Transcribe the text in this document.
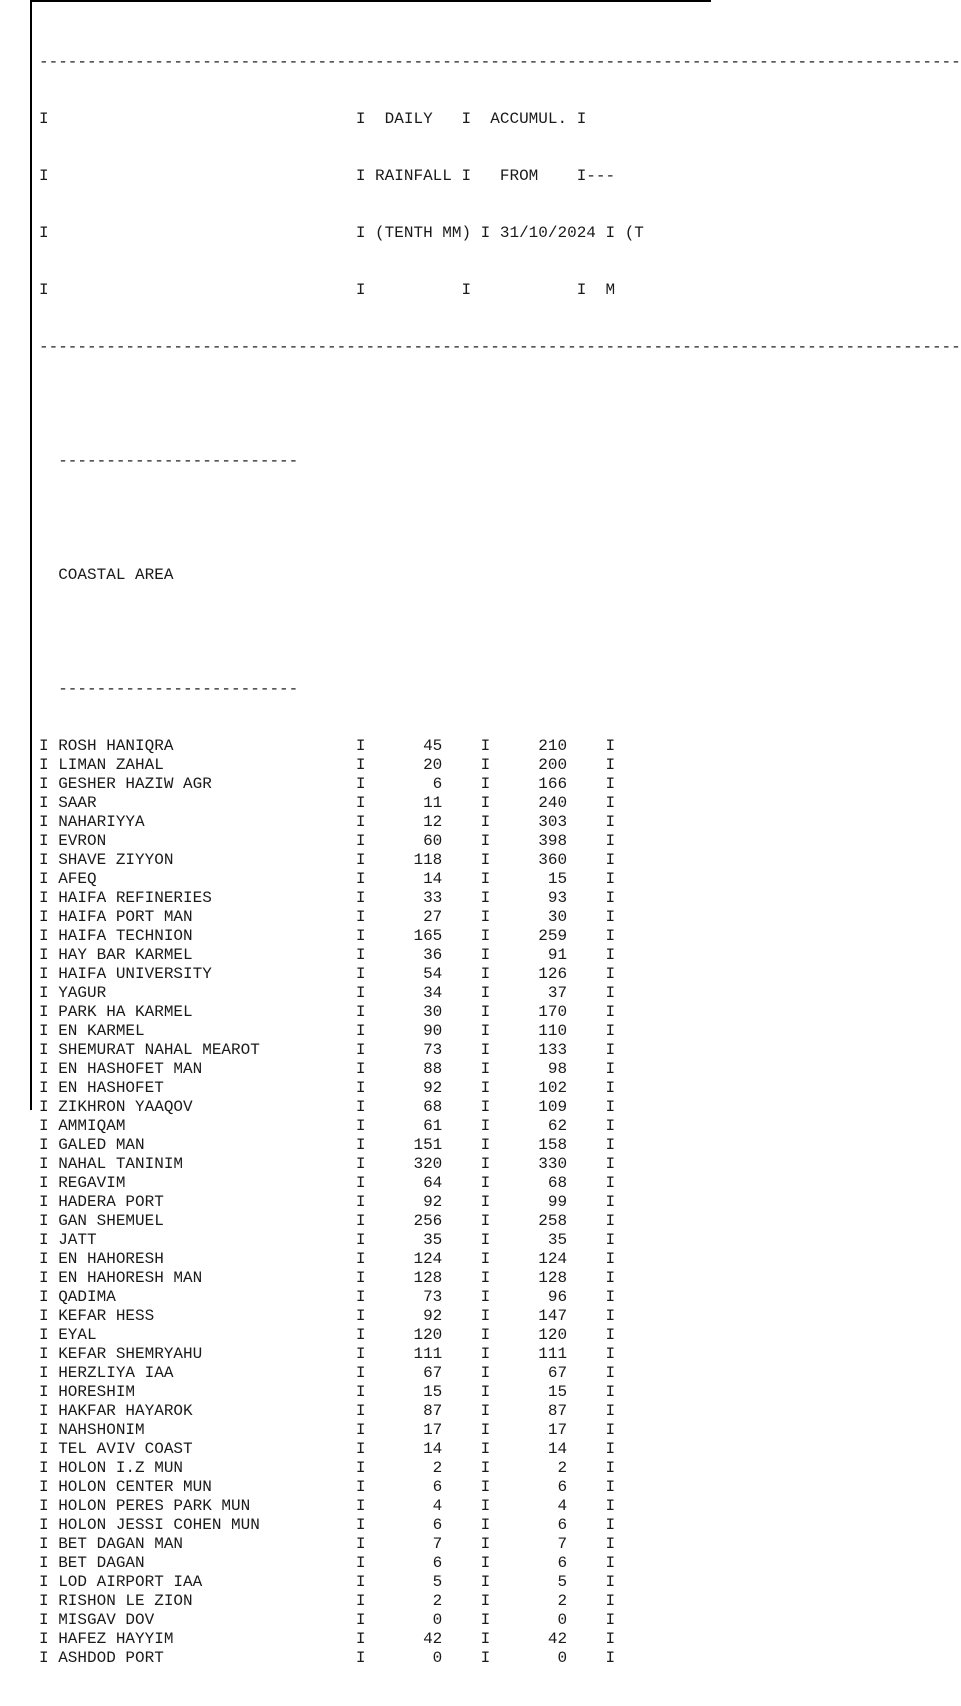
------------------------------------------------------------------------------------------------

I                                I  DAILY   I  ACCUMUL. I

I                                I RAINFALL I   FROM    I---

I                                I (TENTH MM) I 31/10/2024 I (T

I                                I          I           I  M

------------------------------------------------------------------------------------------------

-------------------------

COASTAL AREA

-------------------------

I ROSH HANIQRA                   I      45    I     210    I
I LIMAN ZAHAL                    I      20    I     200    I
I GESHER HAZIW AGR               I       6    I     166    I
I SAAR                           I      11    I     240    I
I NAHARIYYA                      I      12    I     303    I
I EVRON                          I      60    I     398    I
I SHAVE ZIYYON                   I     118    I     360    I
I AFEQ                           I      14    I      15    I
I HAIFA REFINERIES               I      33    I      93    I
I HAIFA PORT MAN                 I      27    I      30    I
I HAIFA TECHNION                 I     165    I     259    I
I HAY BAR KARMEL                 I      36    I      91    I
I HAIFA UNIVERSITY               I      54    I     126    I
I YAGUR                          I      34    I      37    I
I PARK HA KARMEL                 I      30    I     170    I
I EN KARMEL                      I      90    I     110    I
I SHEMURAT NAHAL MEAROT          I      73    I     133    I
I EN HASHOFET MAN                I      88    I      98    I
I EN HASHOFET                    I      92    I     102    I
I ZIKHRON YAAQOV                 I      68    I     109    I
I AMMIQAM                        I      61    I      62    I
I GALED MAN                      I     151    I     158    I
I NAHAL TANINIM                  I     320    I     330    I
I REGAVIM                        I      64    I      68    I
I HADERA PORT                    I      92    I      99    I
I GAN SHEMUEL                    I     256    I     258    I
I JATT                           I      35    I      35    I
I EN HAHORESH                    I     124    I     124    I
I EN HAHORESH MAN                I     128    I     128    I
I QADIMA                         I      73    I      96    I
I KEFAR HESS                     I      92    I     147    I
I EYAL                           I     120    I     120    I
I KEFAR SHEMRYAHU                I     111    I     111    I
I HERZLIYA IAA                   I      67    I      67    I
I HORESHIM                       I      15    I      15    I
I HAKFAR HAYAROK                 I      87    I      87    I
I NAHSHONIM                      I      17    I      17    I
I TEL AVIV COAST                 I      14    I      14    I
I HOLON I.Z MUN                  I       2    I       2    I
I HOLON CENTER MUN               I       6    I       6    I
I HOLON PERES PARK MUN           I       4    I       4    I
I HOLON JESSI COHEN MUN          I       6    I       6    I
I BET DAGAN MAN                  I       7    I       7    I
I BET DAGAN                      I       6    I       6    I
I LOD AIRPORT IAA                I       5    I       5    I
I RISHON LE ZION                 I       2    I       2    I
I MISGAV DOV                     I       0    I       0    I
I HAFEZ HAYYIM                   I      42    I      42    I
I ASHDOD PORT                    I       0    I       0    I
